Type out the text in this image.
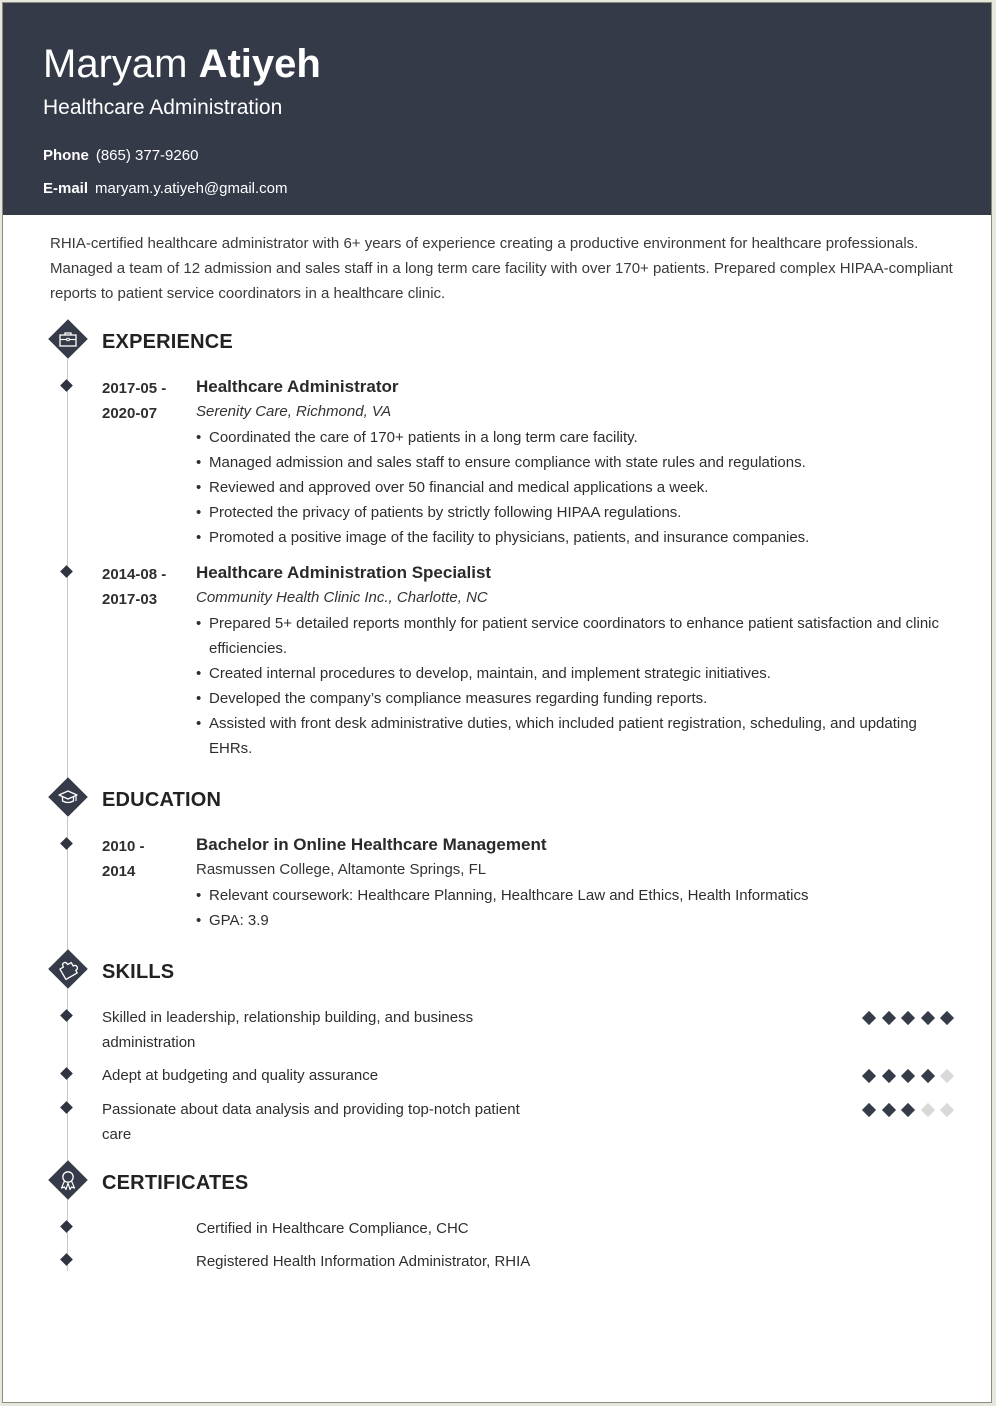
Maryam Atiyeh
Healthcare Administration
Phone (865) 377-9260
E-mail maryam.y.atiyeh@gmail.com
RHIA-certified healthcare administrator with 6+ years of experience creating a productive environment for healthcare professionals. Managed a team of 12 admission and sales staff in a long term care facility with over 170+ patients. Prepared complex HIPAA-compliant reports to patient service coordinators in a healthcare clinic.
EXPERIENCE
2017-05 -
2020-07
Healthcare Administrator
Serenity Care, Richmond, VA
• Coordinated the care of 170+ patients in a long term care facility.
• Managed admission and sales staff to ensure compliance with state rules and regulations.
• Reviewed and approved over 50 financial and medical applications a week.
• Protected the privacy of patients by strictly following HIPAA regulations.
• Promoted a positive image of the facility to physicians, patients, and insurance companies.
2014-08 -
2017-03
Healthcare Administration Specialist
Community Health Clinic Inc., Charlotte, NC
• Prepared 5+ detailed reports monthly for patient service coordinators to enhance patient satisfaction and clinic efficiencies.
• Created internal procedures to develop, maintain, and implement strategic initiatives.
• Developed the company’s compliance measures regarding funding reports.
• Assisted with front desk administrative duties, which included patient registration, scheduling, and updating EHRs.
EDUCATION
2010 -
2014
Bachelor in Online Healthcare Management
Rasmussen College, Altamonte Springs, FL
• Relevant coursework: Healthcare Planning, Healthcare Law and Ethics, Health Informatics
• GPA: 3.9
SKILLS
Skilled in leadership, relationship building, and business administration
Adept at budgeting and quality assurance
Passionate about data analysis and providing top-notch patient care
CERTIFICATES
Certified in Healthcare Compliance, CHC
Registered Health Information Administrator, RHIA
